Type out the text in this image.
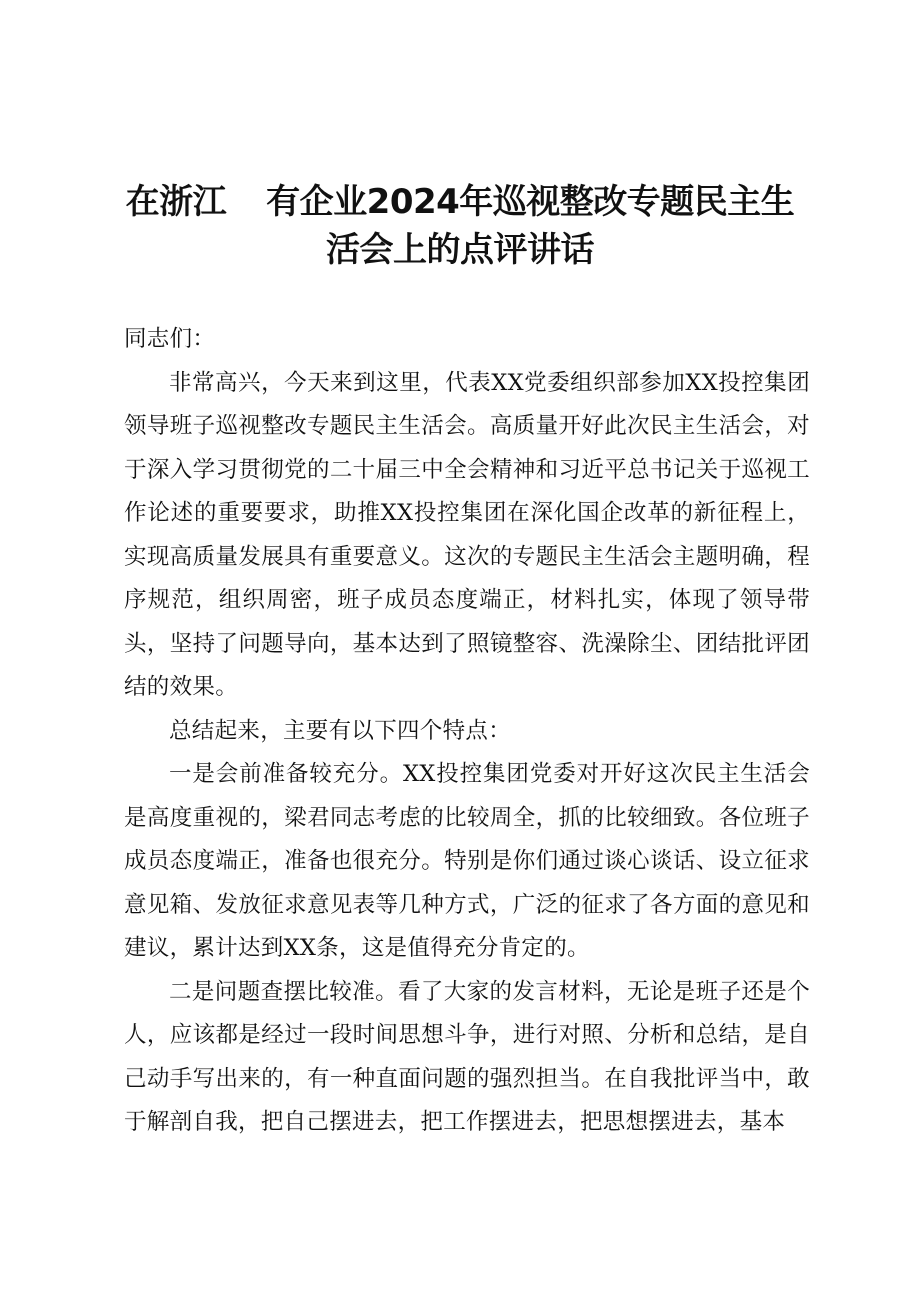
在浙江 有企业2024年巡视整改专题民主生
活会上的点评讲话

同志们：

非常高兴，今天来到这里，代表XX党委组织部参加XX投控集团领导班子巡视整改专题民主生活会。高质量开好此次民主生活会，对于深入学习贯彻党的二十届三中全会精神和习近平总书记关于巡视工作论述的重要要求，助推XX投控集团在深化国企改革的新征程上，实现高质量发展具有重要意义。这次的专题民主生活会主题明确，程序规范，组织周密，班子成员态度端正，材料扎实，体现了领导带头，坚持了问题导向，基本达到了照镜整容、洗澡除尘、团结批评团结的效果。

总结起来，主要有以下四个特点：

一是会前准备较充分。XX投控集团党委对开好这次民主生活会是高度重视的，梁君同志考虑的比较周全，抓的比较细致。各位班子成员态度端正，准备也很充分。特别是你们通过谈心谈话、设立征求意见箱、发放征求意见表等几种方式，广泛的征求了各方面的意见和建议，累计达到XX条，这是值得充分肯定的。

二是问题查摆比较准。看了大家的发言材料，无论是班子还是个人，应该都是经过一段时间思想斗争，进行对照、分析和总结，是自己动手写出来的，有一种直面问题的强烈担当。在自我批评当中，敢于解剖自我，把自己摆进去，把工作摆进去，把思想摆进去，基本
